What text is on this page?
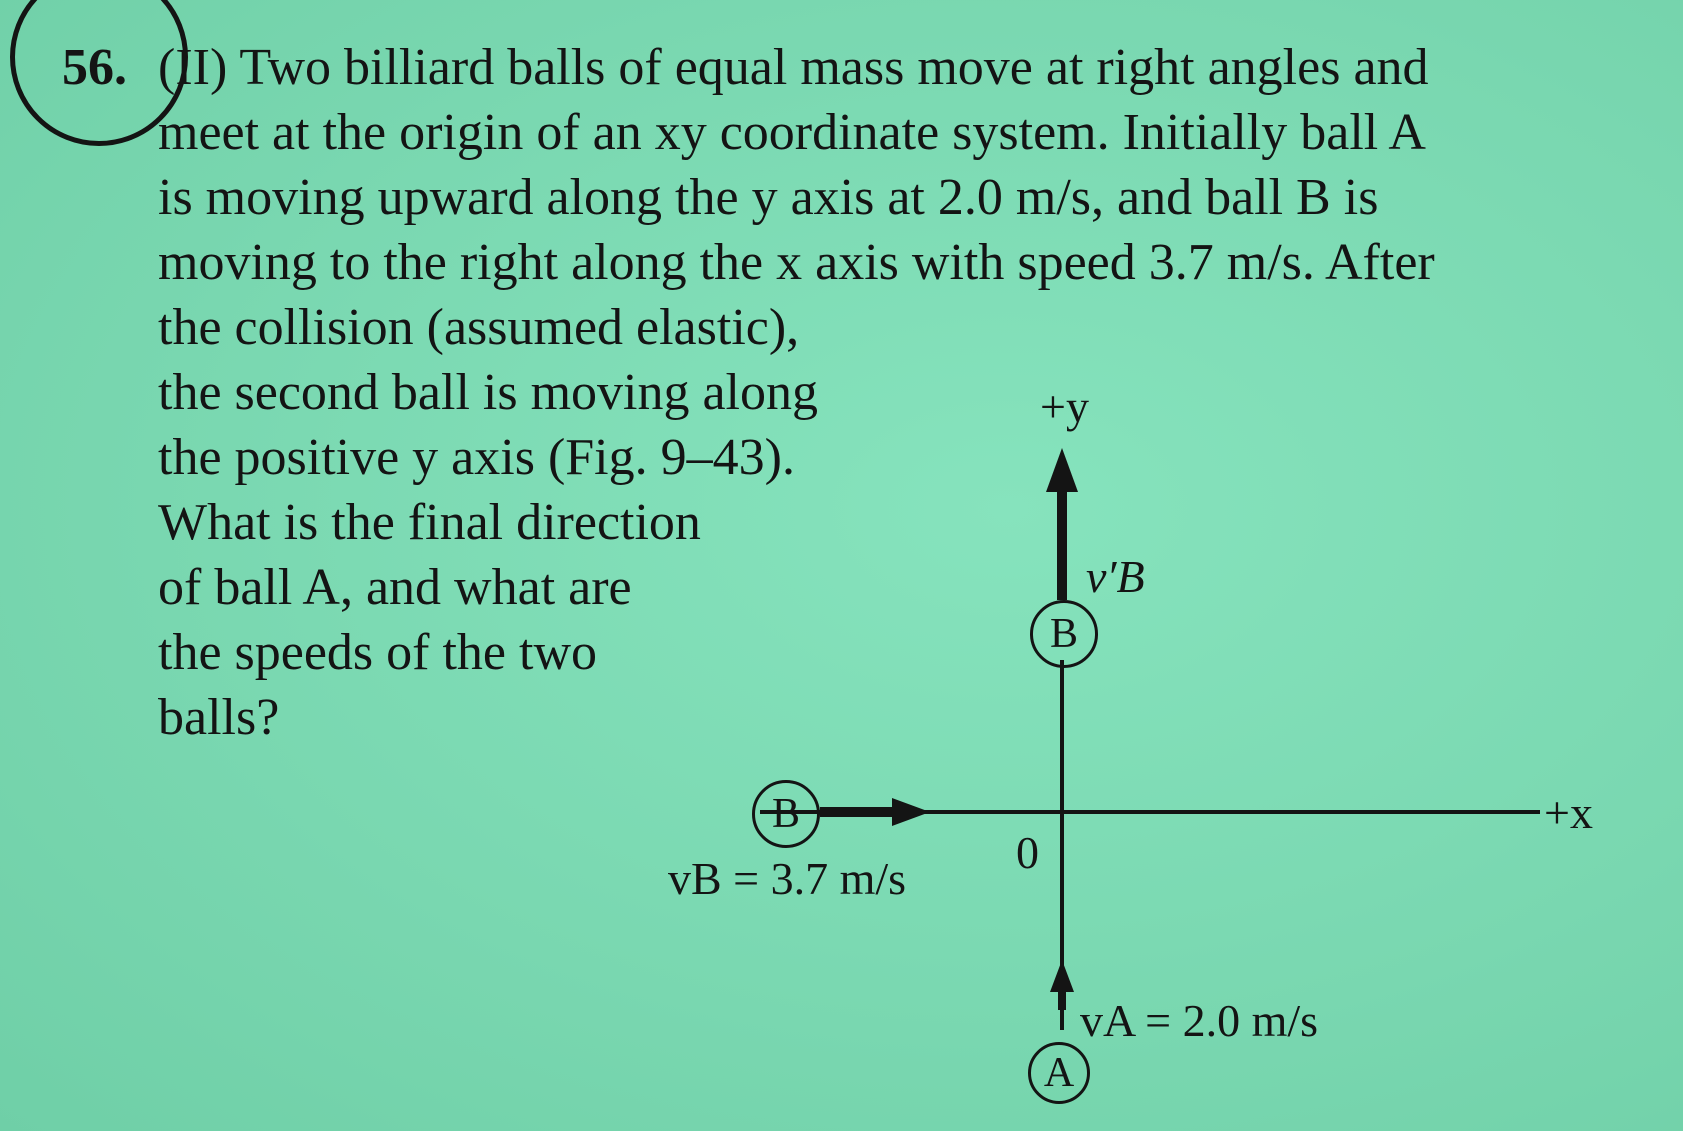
56. (II) Two billiard balls of equal mass move at right angles and
meet at the origin of an xy coordinate system. Initially ball A
is moving upward along the y axis at 2.0 m/s, and ball B is
moving to the right along the x axis with speed 3.7 m/s. After
the collision (assumed elastic),
the second ball is moving along
the positive y axis (Fig. 9–43).
What is the final direction
of ball A, and what are
the speeds of the two
balls?
+y
+x
0
B
B
A
v′B
vB = 3.7 m/s
vA = 2.0 m/s
